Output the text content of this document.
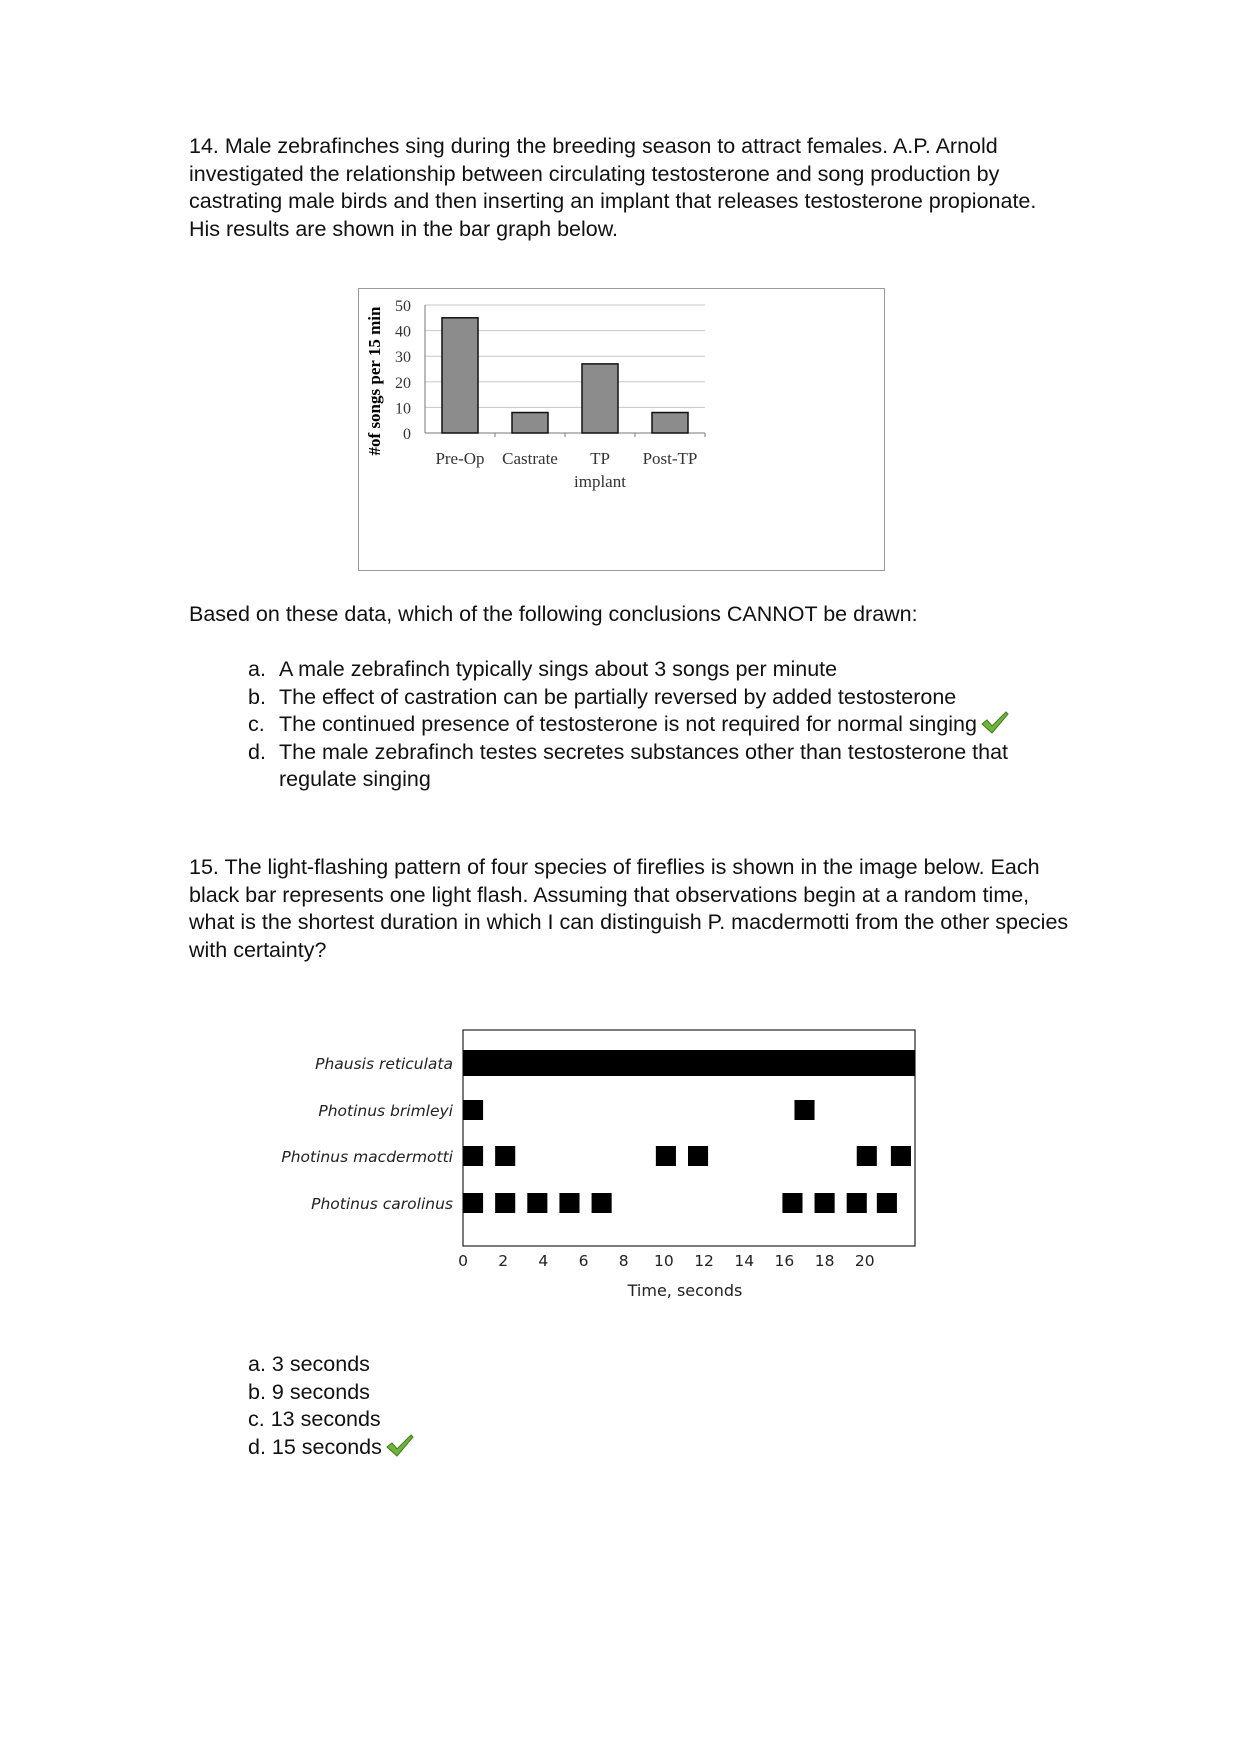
14. Male zebrafinches sing during the breeding season to attract females. A.P. Arnold investigated the relationship between circulating testosterone and song production by castrating male birds and then inserting an implant that releases testosterone propionate. His results are shown in the bar graph below.

0
10
20
30
40
50
Pre-Op Castrate TP
implant
Post-TP
#of songs per 15 min

Based on these data, which of the following conclusions CANNOT be drawn:

a. A male zebrafinch typically sings about 3 songs per minute
b. The effect of castration can be partially reversed by added testosterone
c. The continued presence of testosterone is not required for normal singing
d. The male zebrafinch testes secretes substances other than testosterone that regulate singing

15. The light-flashing pattern of four species of fireflies is shown in the image below. Each black bar represents one light flash. Assuming that observations begin at a random time, what is the shortest duration in which I can distinguish P. macdermotti from the other species with certainty?

Phausis reticulata
Photinus brimleyi
Photinus macdermotti
Photinus carolinus
0 2 4 6 8 10 12 14 16 18 20
Time, seconds
a. 3 seconds
b. 9 seconds
c. 13 seconds
d. 15 seconds
